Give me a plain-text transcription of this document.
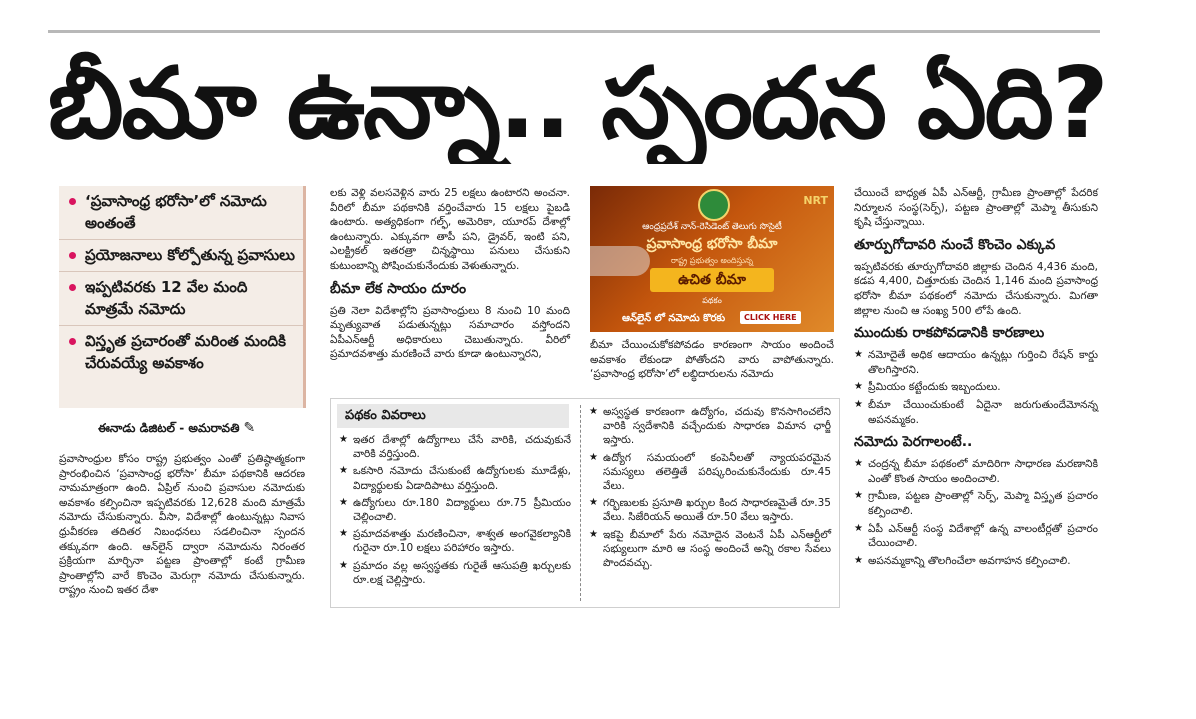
బీమా ఉన్నా.. స్పందన ఏది?
‘ప్రవాసాంధ్ర భరోసా’లో నమోదు అంతంతే
ప్రయోజనాలు కోల్పోతున్న ప్రవాసులు
ఇప్పటివరకు 12 వేల మంది మాత్రమే నమోదు
విస్తృత ప్రచారంతో మరింత మందికి చేరువయ్యే అవకాశం
ఈనాడు డిజిటల్ - అమరావతి ✎

ప్రవాసాంధ్రుల కోసం రాష్ట్ర ప్రభుత్వం ఎంతో ప్రతిష్ఠాత్మకంగా ప్రారంభించిన ‘ప్రవాసాంధ్ర భరోసా’ బీమా పథకానికి ఆదరణ నామమాత్రంగా ఉంది. ఏప్రిల్ నుంచి ప్రవాసుల నమోదుకు అవకాశం కల్పించినా ఇప్పటివరకు 12,628 మంది మాత్రమే నమోదు చేసుకున్నారు. వీసా, విదేశాల్లో ఉంటున్నట్లు నివాస ధ్రువీకరణ తదితర నిబంధనలు సడలించినా స్పందన తక్కువగా ఉంది. ఆన్‌లైన్ ద్వారా నమోదును నిరంతర ప్రక్రియగా మార్చినా పట్టణ ప్రాంతాల్లో కంటే గ్రామీణ ప్రాంతాల్లోని వారే కొంచెం మెరుగ్గా నమోదు చేసుకున్నారు. రాష్ట్రం నుంచి ఇతర దేశా

లకు వెళ్లి వలసవెళ్లిన వారు 25 లక్షలు ఉంటారని అంచనా. వీరిలో బీమా పథకానికి వర్తించేవారు 15 లక్షలు పైబడి ఉంటారు. అత్యధికంగా గల్ఫ్, అమెరికా, యూరప్ దేశాల్లో ఉంటున్నారు. ఎక్కువగా తాపీ పని, డ్రైవర్, ఇంటి పని, ఎలక్ట్రికల్ ఇతరత్రా చిన్నస్థాయి పనులు చేసుకుని కుటుంబాన్ని పోషించుకునేందుకు వెళుతున్నారు.

బీమా లేక సాయం దూరం

ప్రతి నెలా విదేశాల్లోని ప్రవాసాంధ్రులు 8 నుంచి 10 మంది మృత్యువాత పడుతున్నట్లు సమాచారం వస్తోందని ఏపీఎన్ఆర్టీ అధికారులు చెబుతున్నారు. వీరిలో ప్రమాదవశాత్తు మరణించే వారు కూడా ఉంటున్నారని,

NRT
ఆంధ్రప్రదేశ్ నాన్-రెసిడెంట్ తెలుగు సొసైటీ
ప్రవాసాంధ్ర భరోసా బీమా
రాష్ట్ర ప్రభుత్వం అందిస్తున్న
ఉచిత బీమా
పథకం
ఆన్‌లైన్ లో నమోదు కొరకు	CLICK HERE

బీమా చేయించుకోకపోవడం కారణంగా సాయం అందించే అవకాశం లేకుండా పోతోందని వారు వాపోతున్నారు. ‘ప్రవాసాంధ్ర భరోసా’లో లబ్ధిదారులను నమోదు

చేయించే బాధ్యత ఏపీ ఎన్ఆర్టీ, గ్రామీణ ప్రాంతాల్లో పేదరిక నిర్మూలన సంస్థ(సెర్ప్), పట్టణ ప్రాంతాల్లో మెప్మా తీసుకుని కృషి చేస్తున్నాయి.

తూర్పుగోదావరి నుంచే కొంచెం ఎక్కువ

ఇప్పటివరకు తూర్పుగోదావరి జిల్లాకు చెందిన 4,436 మంది, కడప 4,400, చిత్తూరుకు చెందిన 1,146 మంది ప్రవాసాంధ్ర భరోసా బీమా పథకంలో నమోదు చేసుకున్నారు. మిగతా జిల్లాల నుంచి ఆ సంఖ్య 500 లోపే ఉంది.

ముందుకు రాకపోవడానికి కారణాలు
★ నమోదైతే అధిక ఆదాయం ఉన్నట్లు గుర్తించి రేషన్ కార్డు తొలగిస్తారని.
★ ప్రీమియం కట్టేందుకు ఇబ్బందులు.
★ బీమా చేయించుకుంటే ఏదైనా జరుగుతుందేమోనన్న అపనమ్మకం.
నమోదు పెరగాలంటే..
★ చంద్రన్న బీమా పథకంలో మాదిరిగా సాధారణ మరణానికి ఎంతో కొంత సాయం అందించాలి.
★ గ్రామీణ, పట్టణ ప్రాంతాల్లో సెర్ప్, మెప్మా విస్తృత ప్రచారం కల్పించాలి.
★ ఏపీ ఎన్ఆర్టీ సంస్థ విదేశాల్లో ఉన్న వాలంటీర్లతో ప్రచారం చేయించాలి.
★ అపనమ్మకాన్ని తొలగించేలా అవగాహన కల్పించాలి.
పథకం వివరాలు
★ ఇతర దేశాల్లో ఉద్యోగాలు చేసే వారికి, చదువుకునే వారికి వర్తిస్తుంది.
★ ఒకసారి నమోదు చేసుకుంటే ఉద్యోగులకు మూడేళ్లు, విద్యార్థులకు ఏడాదిపాటు వర్తిస్తుంది.
★ ఉద్యోగులు రూ.180 విద్యార్థులు రూ.75 ప్రీమియం చెల్లించాలి.
★ ప్రమాదవశాత్తు మరణించినా, శాశ్వత అంగవైకల్యానికి గురైనా రూ.10 లక్షలు పరిహారం ఇస్తారు.
★ ప్రమాదం వల్ల అస్వస్థతకు గురైతే ఆసుపత్రి ఖర్చులకు రూ.లక్ష చెల్లిస్తారు.
★ అస్వస్థత కారణంగా ఉద్యోగం, చదువు కొనసాగించలేని వారికి స్వదేశానికి వచ్చేందుకు సాధారణ విమాన ఛార్జీ ఇస్తారు.
★ ఉద్యోగ సమయంలో కంపెనీలతో న్యాయపరమైన సమస్యలు తలెత్తితే పరిష్కరించుకునేందుకు రూ.45 వేలు.
★ గర్భిణులకు ప్రసూతి ఖర్చుల కింద సాధారణమైతే రూ.35 వేలు. సిజేరియన్ అయితే రూ.50 వేలు ఇస్తారు.
★ ఇకపై బీమాలో పేరు నమోదైన వెంటనే ఏపీ ఎన్ఆర్టీలో సభ్యులుగా మారి ఆ సంస్థ అందించే అన్ని రకాల సేవలు పొందవచ్చు.
